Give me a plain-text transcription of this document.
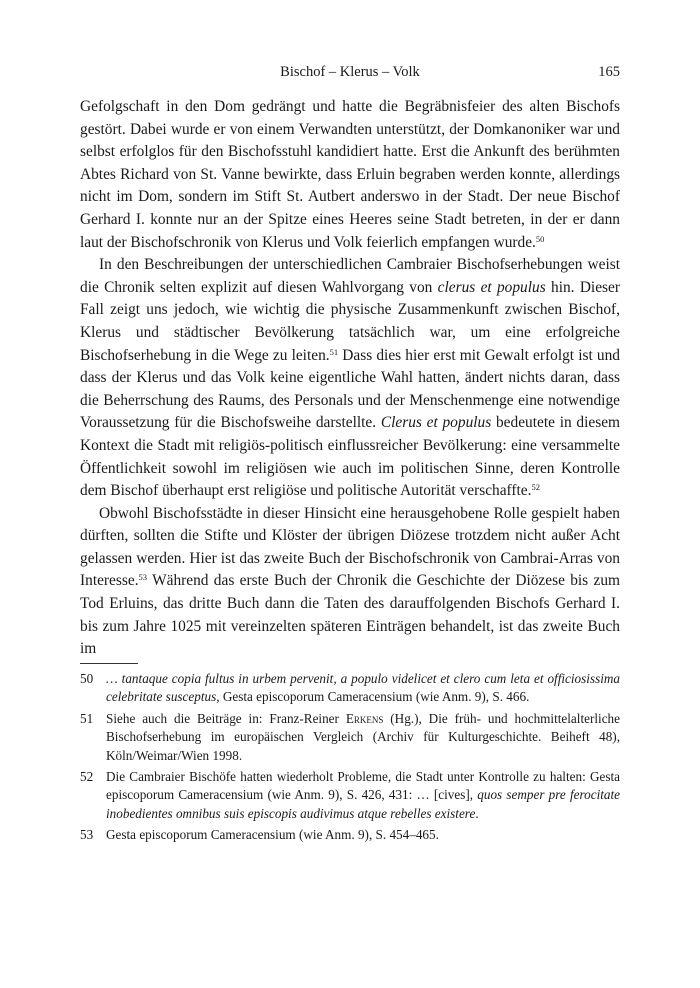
Bischof – Klerus – Volk	165

Gefolgschaft in den Dom gedrängt und hatte die Begräbnisfeier des alten Bischofs gestört. Dabei wurde er von einem Verwandten unterstützt, der Domkanoniker war und selbst erfolglos für den Bischofsstuhl kandidiert hatte. Erst die Ankunft des berühmten Abtes Richard von St. Vanne bewirkte, dass Erluin begraben werden konnte, allerdings nicht im Dom, sondern im Stift St. Autbert anderswo in der Stadt. Der neue Bischof Gerhard I. konnte nur an der Spitze eines Heeres seine Stadt betreten, in der er dann laut der Bischofschronik von Klerus und Volk feierlich empfangen wurde.$^{50}$

In den Beschreibungen der unterschiedlichen Cambraier Bischofserhebungen weist die Chronik selten explizit auf diesen Wahlvorgang von clerus et populus hin. Dieser Fall zeigt uns jedoch, wie wichtig die physische Zusammenkunft zwischen Bischof, Klerus und städtischer Bevölkerung tatsächlich war, um eine erfolgreiche Bischofserhebung in die Wege zu leiten.$^{51}$ Dass dies hier erst mit Gewalt erfolgt ist und dass der Klerus und das Volk keine eigentliche Wahl hatten, ändert nichts daran, dass die Beherrschung des Raums, des Personals und der Menschenmenge eine notwendige Voraussetzung für die Bischofsweihe darstellte. Clerus et populus bedeutete in diesem Kontext die Stadt mit religiös-politisch einflussreicher Bevölkerung: eine versammelte Öffentlichkeit sowohl im religiösen wie auch im politischen Sinne, deren Kontrolle dem Bischof überhaupt erst religiöse und politische Autorität verschaffte.$^{52}$

Obwohl Bischofsstädte in dieser Hinsicht eine herausgehobene Rolle gespielt haben dürften, sollten die Stifte und Klöster der übrigen Diözese trotzdem nicht außer Acht gelassen werden. Hier ist das zweite Buch der Bischofschronik von Cambrai-Arras von Interesse.$^{53}$ Während das erste Buch der Chronik die Geschichte der Diözese bis zum Tod Erluins, das dritte Buch dann die Taten des darauffolgenden Bischofs Gerhard I. bis zum Jahre 1025 mit vereinzelten späteren Einträgen behandelt, ist das zweite Buch im

50 … tantaque copia fultus in urbem pervenit, a populo videlicet et clero cum leta et officiosissima celebritate susceptus, Gesta episcoporum Cameracensium (wie Anm. 9), S. 466.
51 Siehe auch die Beiträge in: Franz-Reiner Erkens (Hg.), Die früh- und hochmittelalterliche Bischofserhebung im europäischen Vergleich (Archiv für Kulturgeschichte. Beiheft 48), Köln/Weimar/Wien 1998.
52 Die Cambraier Bischöfe hatten wiederholt Probleme, die Stadt unter Kontrolle zu halten: Gesta episcoporum Cameracensium (wie Anm. 9), S. 426, 431: … [cives], quos semper pre ferocitate inobedientes omnibus suis episcopis audivimus atque rebelles existere.
53 Gesta episcoporum Cameracensium (wie Anm. 9), S. 454–465.
